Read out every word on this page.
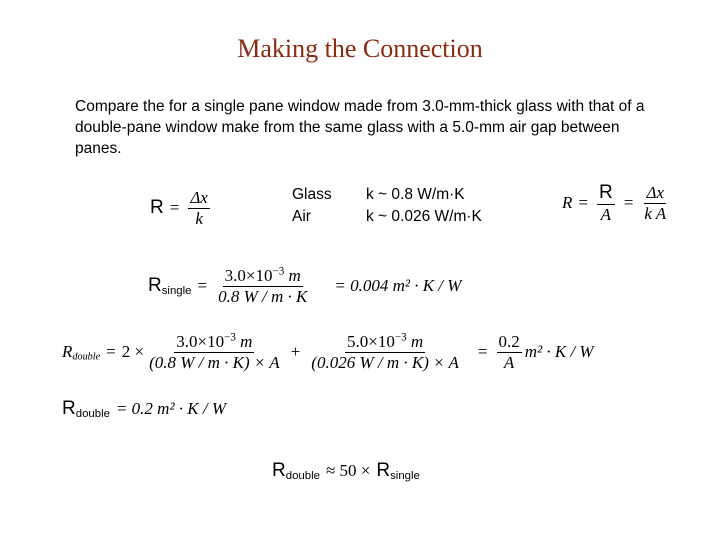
Making the Connection
Compare the for a single pane window made from 3.0-mm-thick glass with that of a double-pane window make from the same glass with a 5.0-mm air gap between panes.
$R = \frac{\Delta x}{k}$	Glass
Air
k ~ 0.8 W/m·K
k ~ 0.026 W/m·K
$R = \frac{R}{A} = \frac{\Delta x}{\text{k A}}$
$R_{single} = \frac{3.0\times 10^{-3} m}{0.8 W / m \cdot K} = 0.004$ m² · K / W
$R_{double} = 2 \times \frac{3.0\times 10^{-3} m}{(0.8 W / m \cdot K) \times A} + \frac{5.0\times 10^{-3} m}{(0.026 W / m \cdot K) \times A} = \frac{0.2}{A} m^2 \cdot K / W$
$R_{double} = 0.2$ m² · K / W
$R_{double} \approx 50 \times R_{single}$
